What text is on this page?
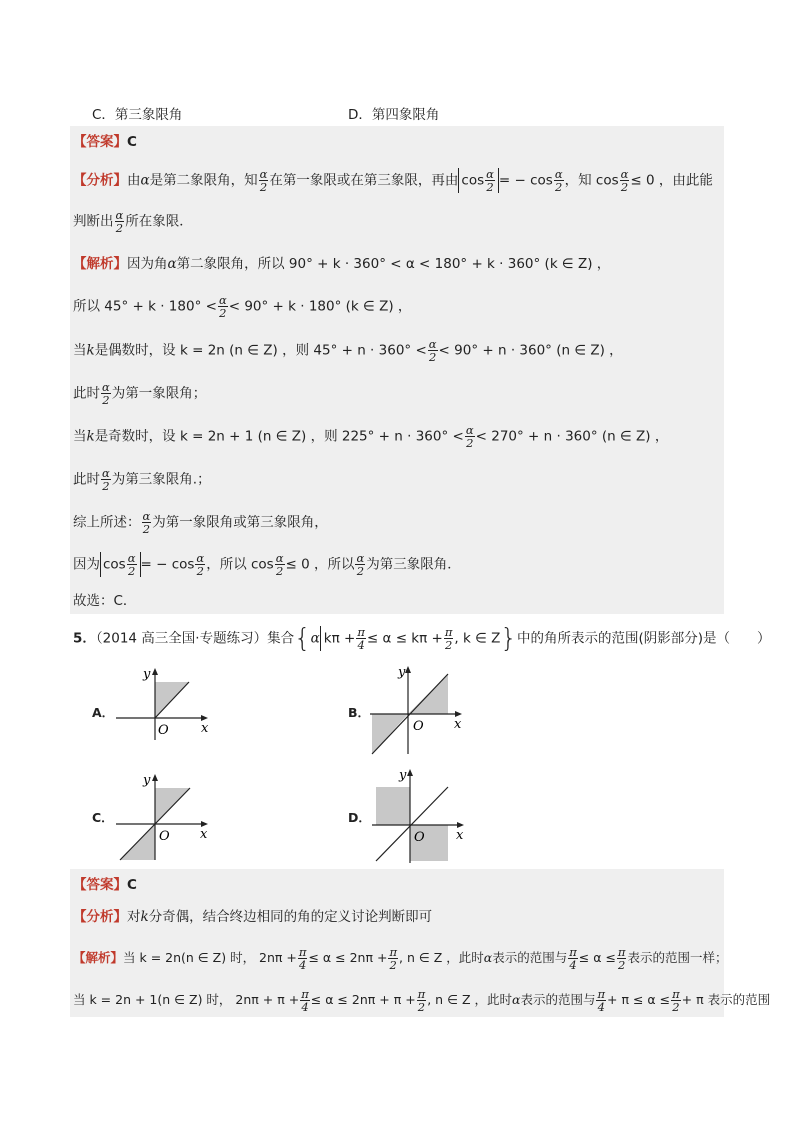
C．第三象限角	D．第四象限角
【答案】C
【分析】由α是第二象限角，知 $\frac{\alpha}{2}$ 在第一象限或在第三象限，再由 $\cos \frac{\alpha}{2}$ = − $\cos \frac{\alpha}{2}$ ，知 $\cos \frac{\alpha}{2} \le 0$ ，由此能
判断出 $\frac{\alpha}{2}$ 所在象限．
【解析】因为角α第二象限角，所以 90° + k · 360° < α < 180° + k · 360° (k ∈ Z) ，
所以 $45^\circ + k \cdot 180^\circ < \frac{\alpha}{2} < 90^\circ + k \cdot 180^\circ$ (k ∈ Z) ，
当k是偶数时，设 k = 2n (n ∈ Z) ，则 $45^\circ + n \cdot 360^\circ < \frac{\alpha}{2} < 90^\circ + n \cdot 360^\circ$ (n ∈ Z) ，
此时 $\frac{\alpha}{2}$ 为第一象限角；
当k是奇数时，设 k = 2n + 1 (n ∈ Z) ，则 $225^\circ + n \cdot 360^\circ < \frac{\alpha}{2} < 270^\circ + n \cdot 360^\circ$ (n ∈ Z) ，
此时 $\frac{\alpha}{2}$ 为第三象限角.；
综上所述： $\frac{\alpha}{2}$ 为第一象限角或第三象限角，
因为 $\cos \frac{\alpha}{2}$ = − $\cos \frac{\alpha}{2}$ ，所以 $\cos \frac{\alpha}{2} \le 0$ ，所以 $\frac{\alpha}{2}$ 为第三象限角．
故选：C．
5．（2014 高三全国·专题练习）集合{α $k\pi + \frac{\pi}{4} \le \alpha \le k\pi + \frac{\pi}{2}$ , k ∈ Z}中的角所表示的范围(阴影部分)是（　　）
A．
x
y
O
B．
x
y
O
C．
x
y
O
D．
x
y
O
【答案】C
【分析】对k分奇偶，结合终边相同的角的定义讨论判断即可
【解析】当 k = 2n(n ∈ Z) 时， $2n\pi + \frac{\pi}{4} \le \alpha \le 2n\pi + \frac{\pi}{2}$ , n ∈ Z ，此时α表示的范围与 $\frac{\pi}{4} \le \alpha \le \frac{\pi}{2}$ 表示的范围一样；
当 k = 2n + 1(n ∈ Z) 时， $2n\pi + \pi + \frac{\pi}{4} \le \alpha \le 2n\pi + \pi + \frac{\pi}{2}$ , n ∈ Z ，此时α表示的范围与 $\frac{\pi}{4} + \pi \le \alpha \le \frac{\pi}{2} + \pi$ 表示的范围
